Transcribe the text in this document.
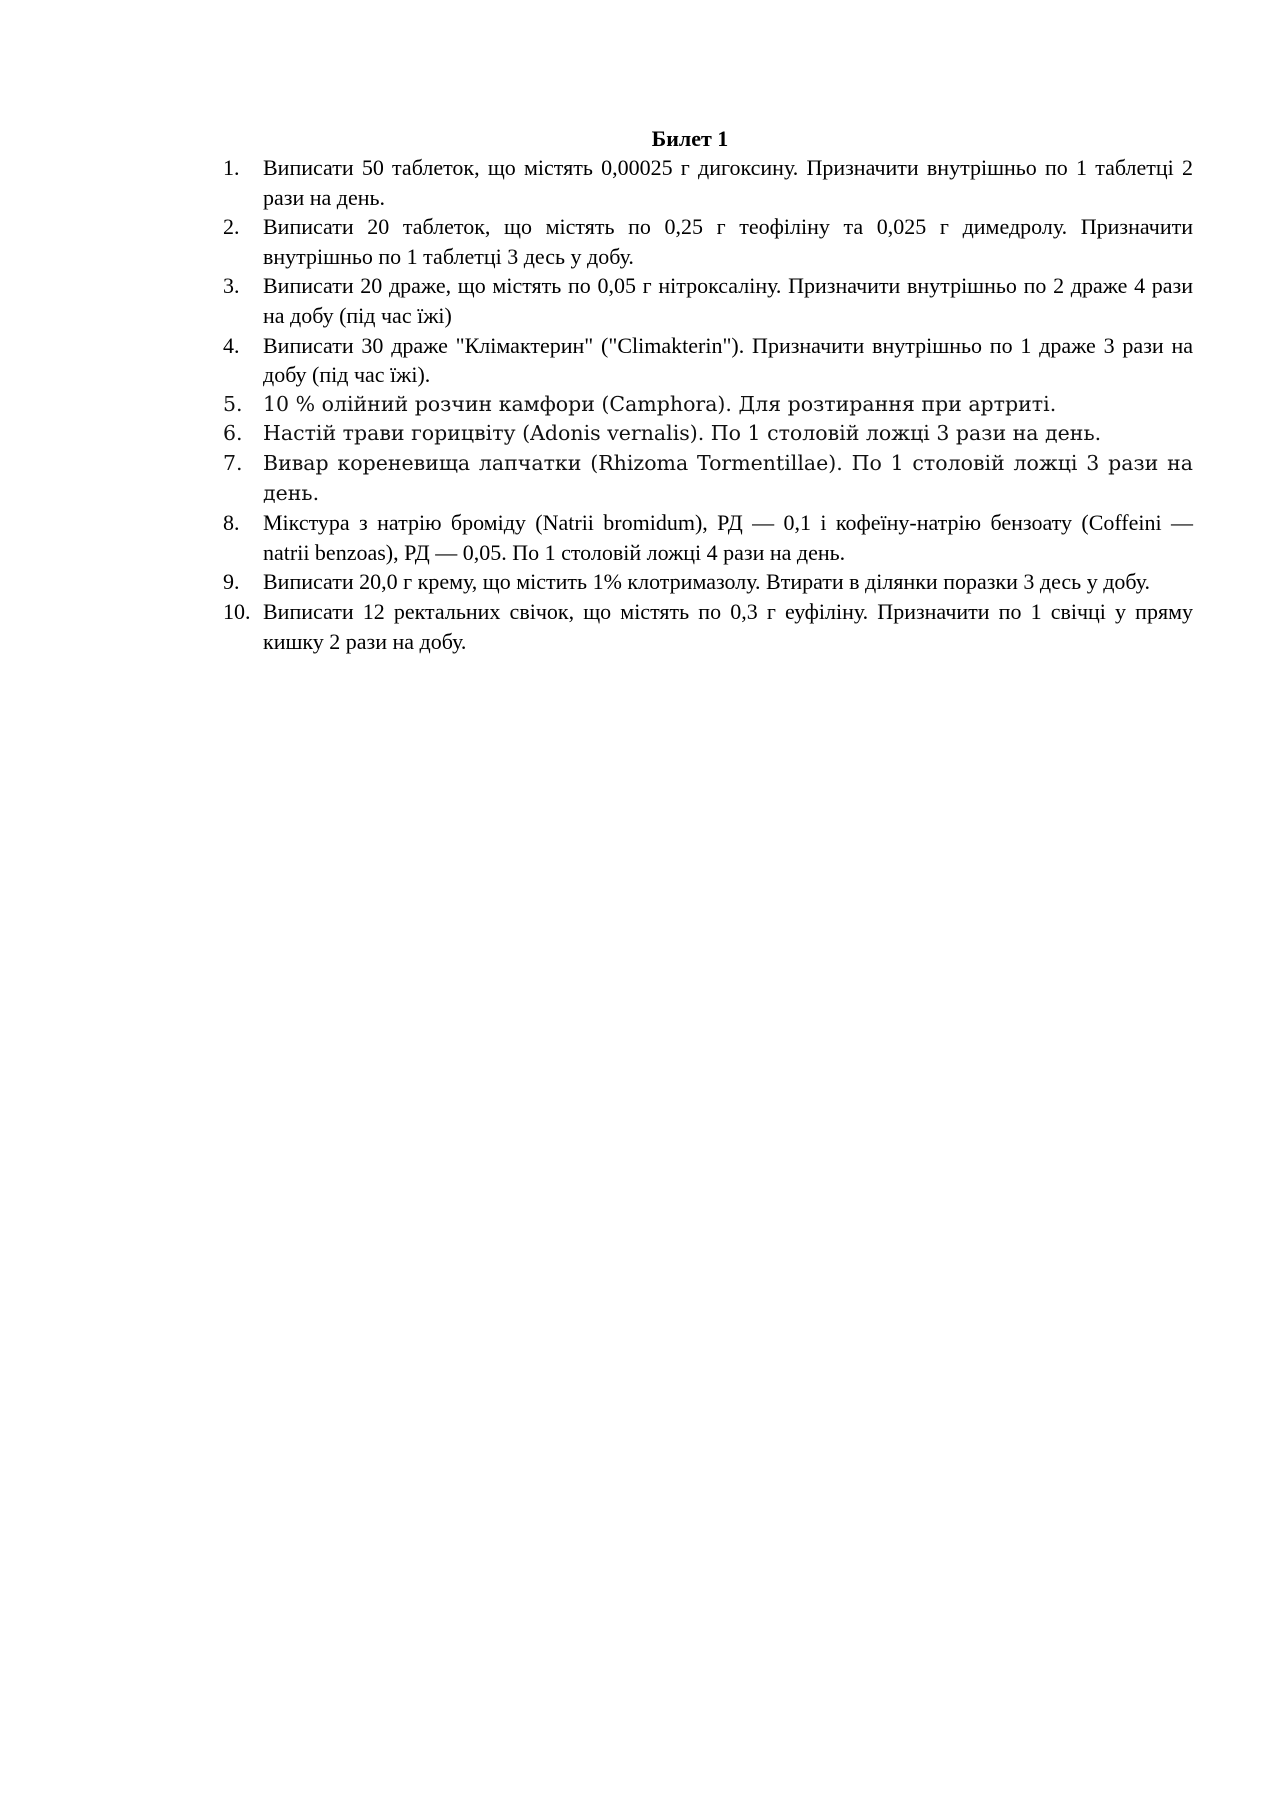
Билет 1
1.	Виписати 50 таблеток, що містять 0,00025 г дигоксину. Призначити внутрішньо по 1 таблетці 2 рази на день.
2.	Виписати 20 таблеток, що містять по 0,25 г теофіліну та 0,025 г димедролу. Призначити внутрішньо по 1 таблетці 3 десь у добу.
3.	Виписати 20 драже, що містять по 0,05 г нітроксаліну. Призначити внутрішньо по 2 драже 4 рази на добу (під час їжі)
4.	Виписати 30 драже "Клімактерин" ("Climakterin"). Призначити внутрішньо по 1 драже 3 рази на добу (під час їжі).
5. 10 % олійний розчин камфори (Camphora). Для розтирання при артриті.
6. Настій трави горицвіту (Adonis vernalis). По 1 столовій ложці 3 рази на день.
7. Вивар кореневища лапчатки (Rhizoma Tormentillae). По 1 столовій ложці 3 рази на день.
8.	Мікстура з натрію броміду (Natrii bromidum), РД — 0,1 і кофеїну-натрію бензоату (Coffeini — natrii benzoas), РД — 0,05. По 1 столовій ложці 4 рази на день.
9.	Виписати 20,0 г крему, що містить 1% клотримазолу. Втирати в ділянки поразки 3 десь у добу.
10. Виписати 12 ректальних свічок, що містять по 0,3 г еуфіліну. Призначити по 1 свічці у пряму кишку 2 рази на добу.
